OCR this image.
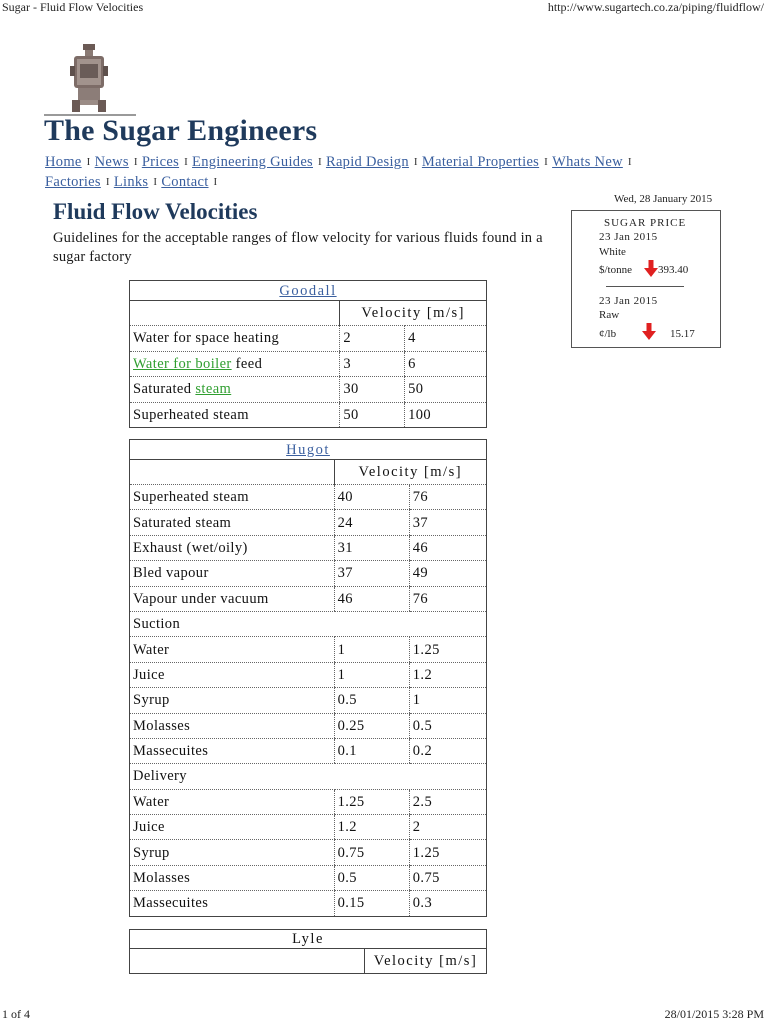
Sugar - Fluid Flow Velocities	http://www.sugartech.co.za/piping/fluidflow/
1 of 4	28/01/2015 3:28 PM
The Sugar Engineers
Home I News I Prices I Engineering Guides I Rapid Design I Material Properties I Whats New I
Factories I Links I Contact I
Fluid Flow Velocities
Guidelines for the acceptable ranges of flow velocity for various fluids found in a sugar factory
Wed, 28 January 2015
SUGAR PRICE
23 Jan 2015
White
$/tonne 393.40
23 Jan 2015
Raw
¢/lb	15.17
Goodall		
	Velocity [m/s]	
Water for space heating	2	4
Water for boiler feed	3	6
Saturated steam	30	50
Superheated steam	50	100
Hugot		
	Velocity [m/s]	
Superheated steam	40	76
Saturated steam	24	37
Exhaust (wet/oily)	31	46
Bled vapour	37	49
Vapour under vacuum	46	76
Suction		
Water	1	1.25
Juice	1	1.2
Syrup	0.5	1
Molasses	0.25	0.5
Massecuites	0.1	0.2
Delivery		
Water	1.25	2.5
Juice	1.2	2
Syrup	0.75	1.25
Molasses	0.5	0.75
Massecuites	0.15	0.3
Lyle
	Velocity [m/s]
